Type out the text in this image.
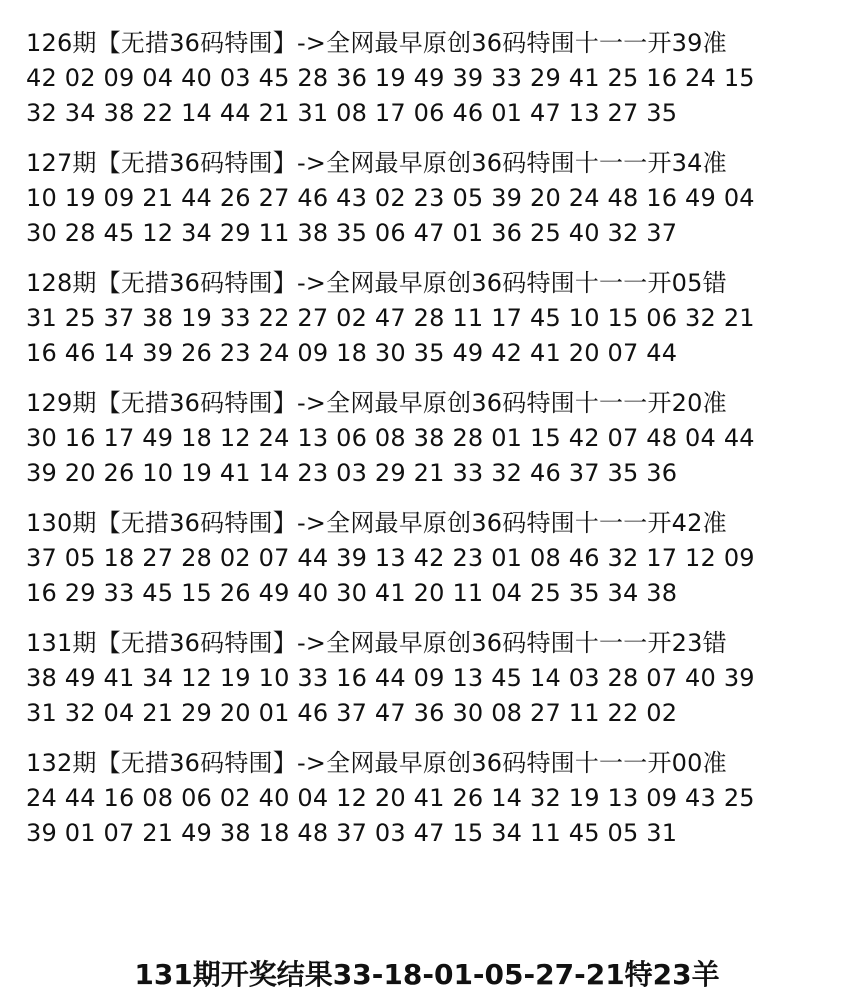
126期【无措36码特围】->全网最早原创36码特围十一一开39准
42 02 09 04 40 03 45 28 36 19 49 39 33 29 41 25 16 24 15
32 34 38 22 14 44 21 31 08 17 06 46 01 47 13 27 35
127期【无措36码特围】->全网最早原创36码特围十一一开34准
10 19 09 21 44 26 27 46 43 02 23 05 39 20 24 48 16 49 04
30 28 45 12 34 29 11 38 35 06 47 01 36 25 40 32 37
128期【无措36码特围】->全网最早原创36码特围十一一开05错
31 25 37 38 19 33 22 27 02 47 28 11 17 45 10 15 06 32 21
16 46 14 39 26 23 24 09 18 30 35 49 42 41 20 07 44
129期【无措36码特围】->全网最早原创36码特围十一一开20准
30 16 17 49 18 12 24 13 06 08 38 28 01 15 42 07 48 04 44
39 20 26 10 19 41 14 23 03 29 21 33 32 46 37 35 36
130期【无措36码特围】->全网最早原创36码特围十一一开42准
37 05 18 27 28 02 07 44 39 13 42 23 01 08 46 32 17 12 09
16 29 33 45 15 26 49 40 30 41 20 11 04 25 35 34 38
131期【无措36码特围】->全网最早原创36码特围十一一开23错
38 49 41 34 12 19 10 33 16 44 09 13 45 14 03 28 07 40 39
31 32 04 21 29 20 01 46 37 47 36 30 08 27 11 22 02
132期【无措36码特围】->全网最早原创36码特围十一一开00准
24 44 16 08 06 02 40 04 12 20 41 26 14 32 19 13 09 43 25
39 01 07 21 49 38 18 48 37 03 47 15 34 11 45 05 31
131期开奖结果33-18-01-05-27-21特23羊
